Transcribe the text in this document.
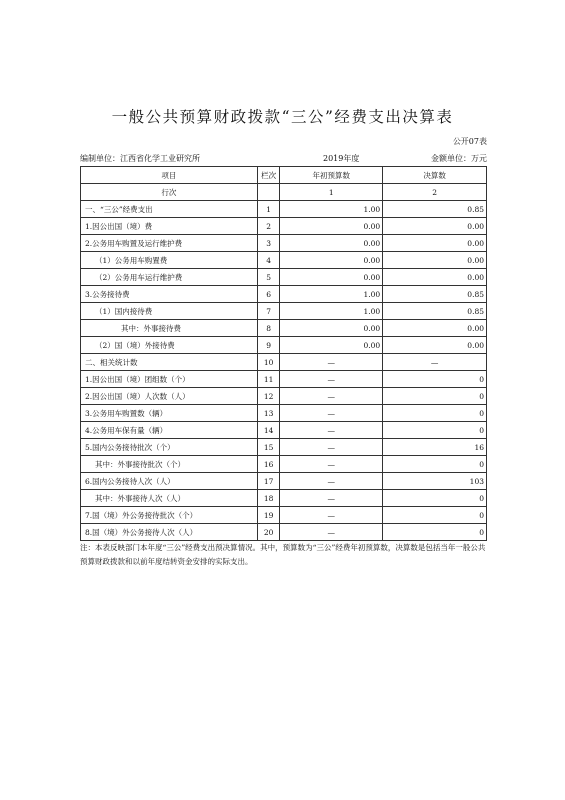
一般公共预算财政拨款“三公”经费支出决算表
公开07表
编制单位：江西省化学工业研究所	2019年度	金额单位：万元
项目	栏次	年初预算数	决算数
行次		1	2
一、“三公”经费支出	1	1.00	0.85
1.因公出国（境）费	2	0.00	0.00
2.公务用车购置及运行维护费	3	0.00	0.00
（1）公务用车购置费	4	0.00	0.00
（2）公务用车运行维护费	5	0.00	0.00
3.公务接待费	6	1.00	0.85
（1）国内接待费	7	1.00	0.85
其中：外事接待费	8	0.00	0.00
（2）国（境）外接待费	9	0.00	0.00
二、相关统计数	10	—	—
1.因公出国（境）团组数（个）	11	—	0
2.因公出国（境）人次数（人）	12	—	0
3.公务用车购置数（辆）	13	—	0
4.公务用车保有量（辆）	14	—	0
5.国内公务接待批次（个）	15	—	16
其中：外事接待批次（个）	16	—	0
6.国内公务接待人次（人）	17	—	103
其中：外事接待人次（人）	18	—	0
7.国（境）外公务接待批次（个）	19	—	0
8.国（境）外公务接待人次（人）	20	—	0
注：本表反映部门本年度“三公”经费支出预决算情况。其中，预算数为“三公”经费年初预算数，决算数是包括当年一般公共预算财政拨款和以前年度结转资金安排的实际支出。
